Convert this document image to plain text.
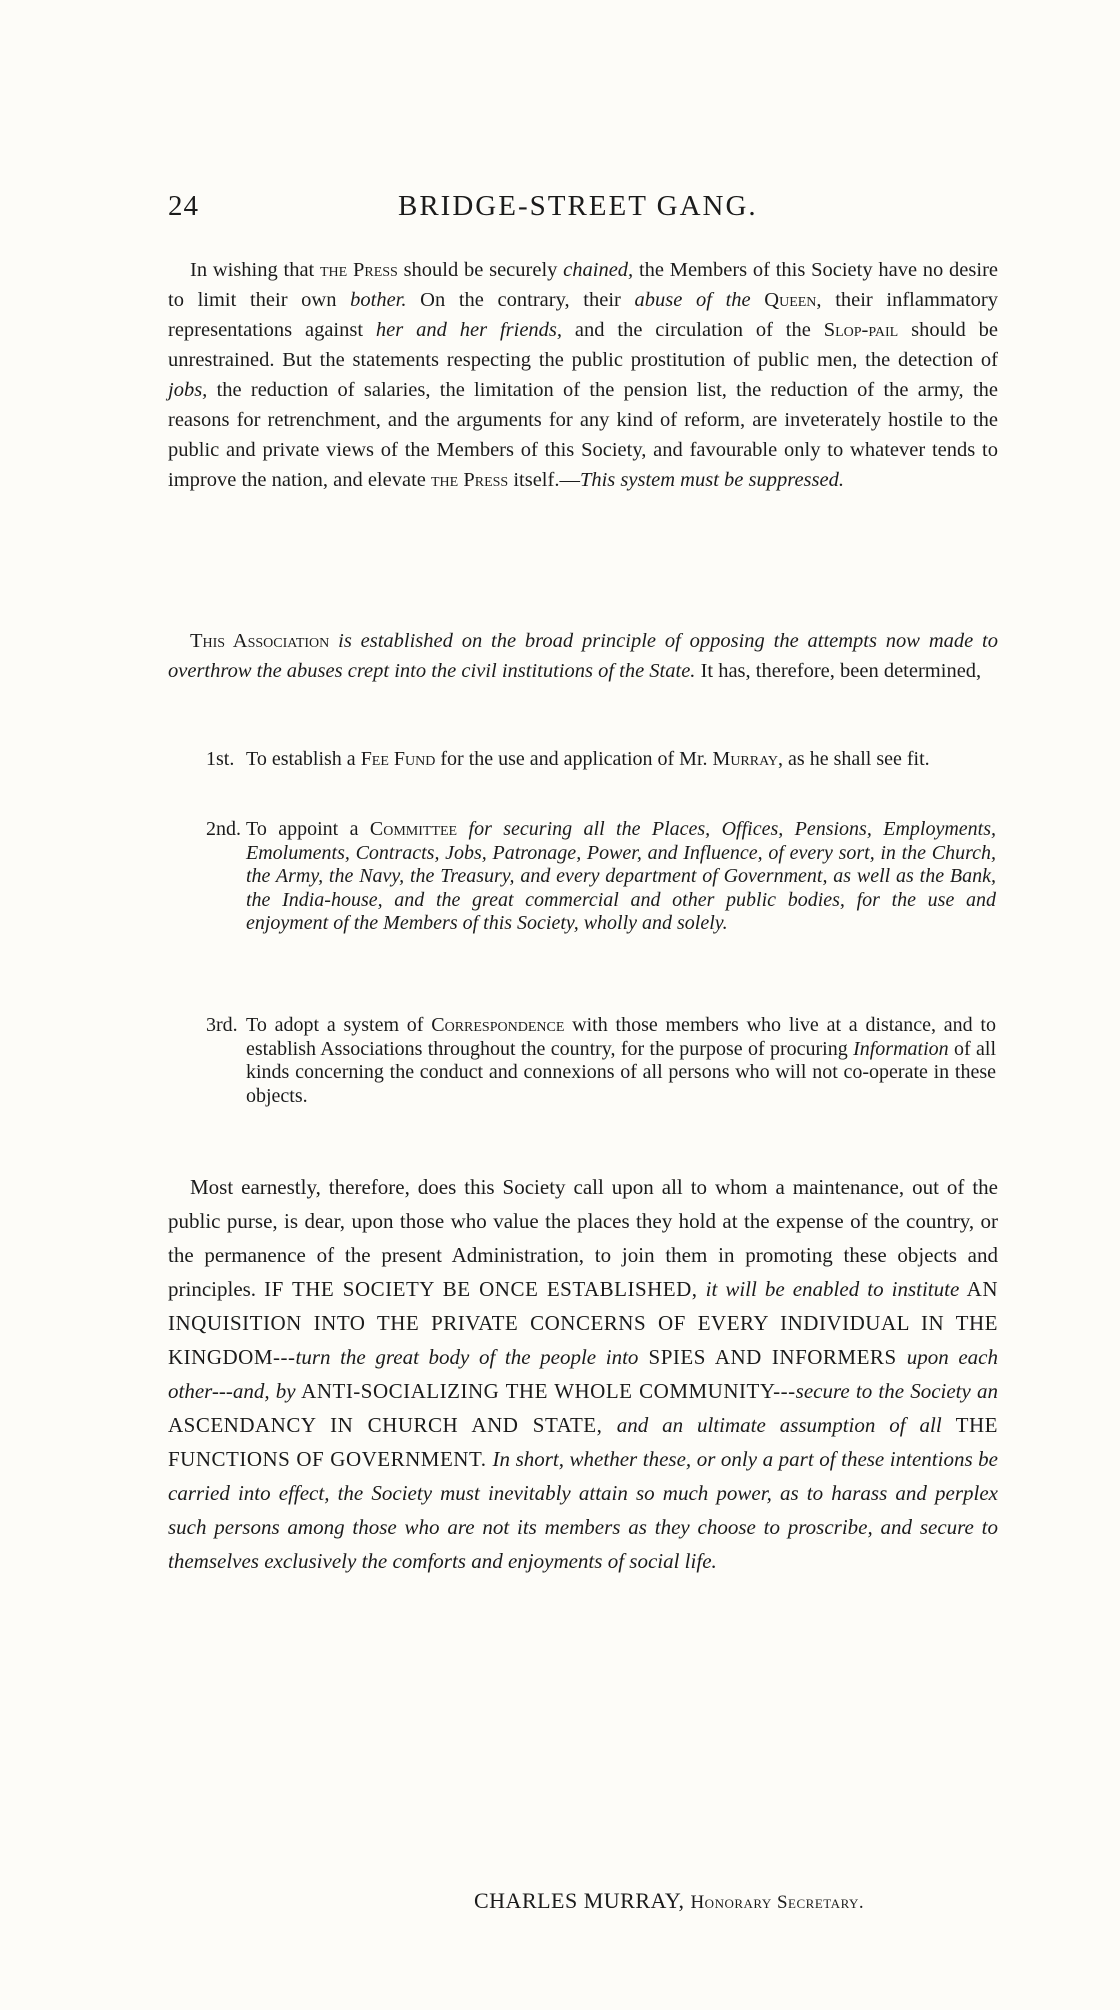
24	BRIDGE-STREET GANG.

In wishing that the Press should be securely chained, the Members of this Society have no desire to limit their own bother. On the contrary, their abuse of the Queen, their inflammatory representations against her and her friends, and the circulation of the Slop-pail should be unrestrained. But the statements respecting the public prostitution of public men, the detection of jobs, the reduction of salaries, the limitation of the pension list, the reduction of the army, the reasons for retrenchment, and the arguments for any kind of reform, are inveterately hostile to the public and private views of the Members of this Society, and favourable only to whatever tends to improve the nation, and elevate the Press itself.—This system must be suppressed.

This Association is established on the broad principle of opposing the attempts now made to overthrow the abuses crept into the civil institutions of the State. It has, therefore, been determined,

1st. To establish a Fee Fund for the use and application of Mr. Murray, as he shall see fit.

2nd. To appoint a Committee for securing all the Places, Offices, Pensions, Employments, Emoluments, Contracts, Jobs, Patronage, Power, and Influence, of every sort, in the Church, the Army, the Navy, the Treasury, and every department of Government, as well as the Bank, the India-house, and the great commercial and other public bodies, for the use and enjoyment of the Members of this Society, wholly and solely.

3rd. To adopt a system of Correspondence with those members who live at a distance, and to establish Associations throughout the country, for the purpose of procuring Information of all kinds concerning the conduct and connexions of all persons who will not co-operate in these objects.

Most earnestly, therefore, does this Society call upon all to whom a maintenance, out of the public purse, is dear, upon those who value the places they hold at the expense of the country, or the permanence of the present Administration, to join them in promoting these objects and principles. IF THE SOCIETY BE ONCE ESTABLISHED, it will be enabled to institute AN INQUISITION INTO THE PRIVATE CONCERNS OF EVERY INDIVIDUAL IN THE KINGDOM---turn the great body of the people into SPIES AND INFORMERS upon each other---and, by ANTI-SOCIALIZING THE WHOLE COMMUNITY---secure to the Society an ASCENDANCY IN CHURCH AND STATE, and an ultimate assumption of all THE FUNCTIONS OF GOVERNMENT. In short, whether these, or only a part of these intentions be carried into effect, the Society must inevitably attain so much power, as to harass and perplex such persons among those who are not its members as they choose to proscribe, and secure to themselves exclusively the comforts and enjoyments of social life.

CHARLES MURRAY, Honorary Secretary.
